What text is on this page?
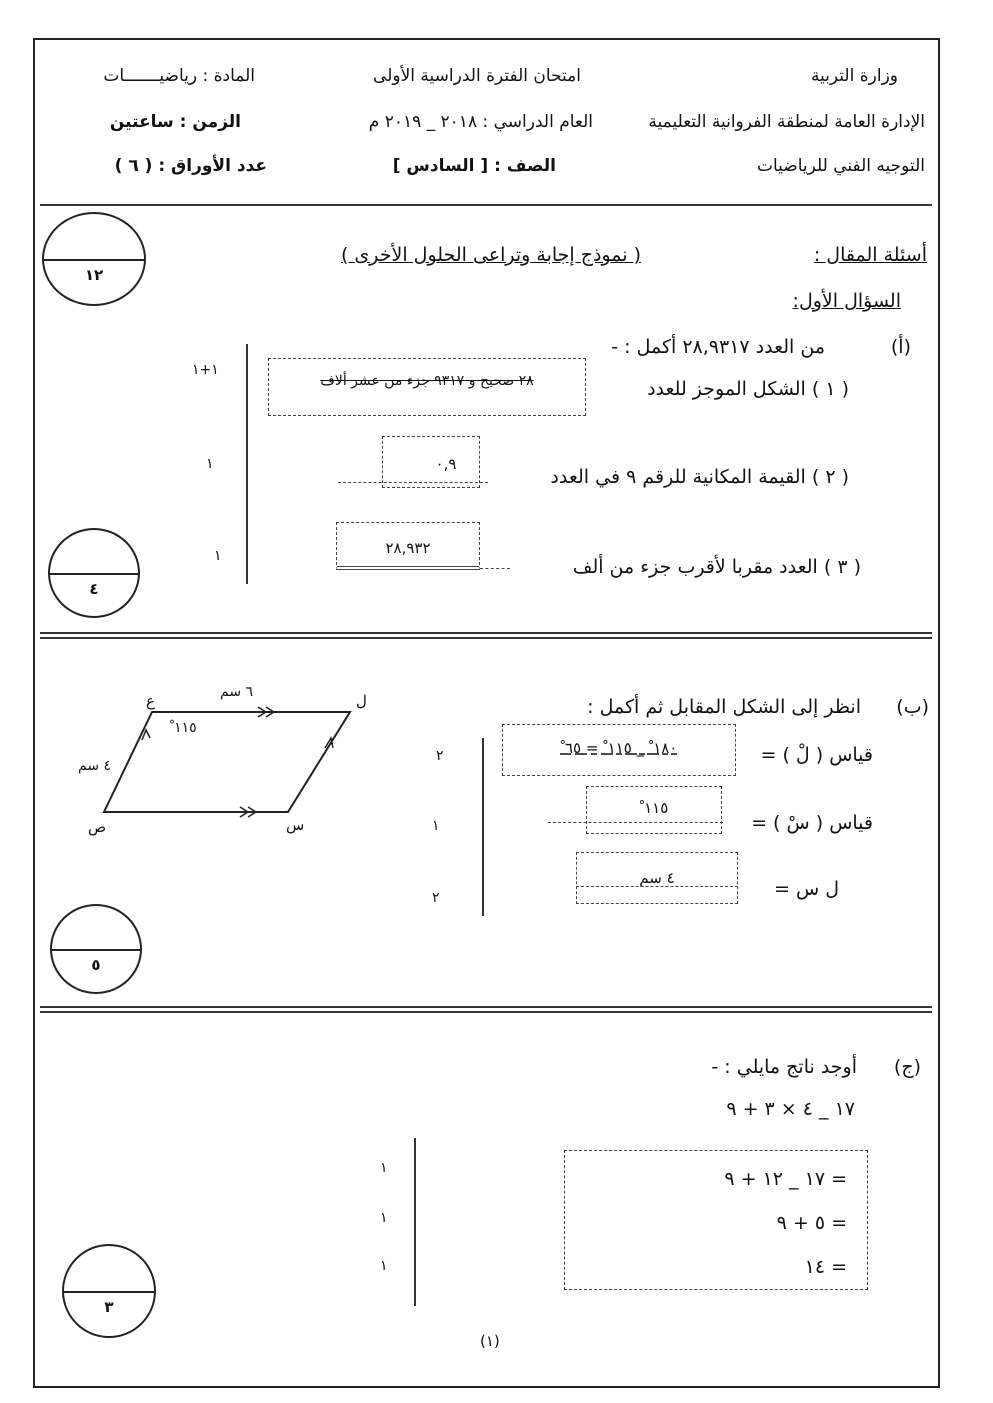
وزارة التربية
الإدارة العامة لمنطقة الفروانية التعليمية
التوجيه الفني للرياضيات
امتحان الفترة الدراسية الأولى
العام الدراسي : ٢٠١٨ _ ٢٠١٩ م
الصف : [ السادس ]
المادة : رياضيـــــــات
الزمن : ساعتين
عدد الأوراق : ( ٦ )
أسئلة المقال :
( نموذج إجابة وتراعى الحلول الأخرى )
١٢
السؤال الأول:
(أ)
من العدد ٢٨,٩٣١٧ أكمل : -
( ١ ) الشكل الموجز للعدد
٢٨ صحيح و ٩٣١٧ جزء من عشر ألاف
١+١
( ٢ ) القيمة المكانية للرقم ٩ في العدد
٠,٩
١
( ٣ ) العدد مقربا لأقرب جزء من ألف
٢٨,٩٣٢
١
٤
(ب)
انظر إلى الشكل المقابل ثم أكمل :
ع	ل
ص	س
٦ سم
٤ سم
١١٥ ْ
قياس ( لْ ) =
١٨٠ ْ _ ١١٥ ْ = ٦٥ ْ
٢
قياس ( سْ ) =
١١٥ ْ
١
ل س =
٤ سم
٢
٥
(ج)
أوجد ناتج مايلي : -
١٧ _ ٤ × ٣ + ٩
= ١٧ _ ١٢ + ٩
= ٥ + ٩
= ١٤
١
١
١
٣
(١)
